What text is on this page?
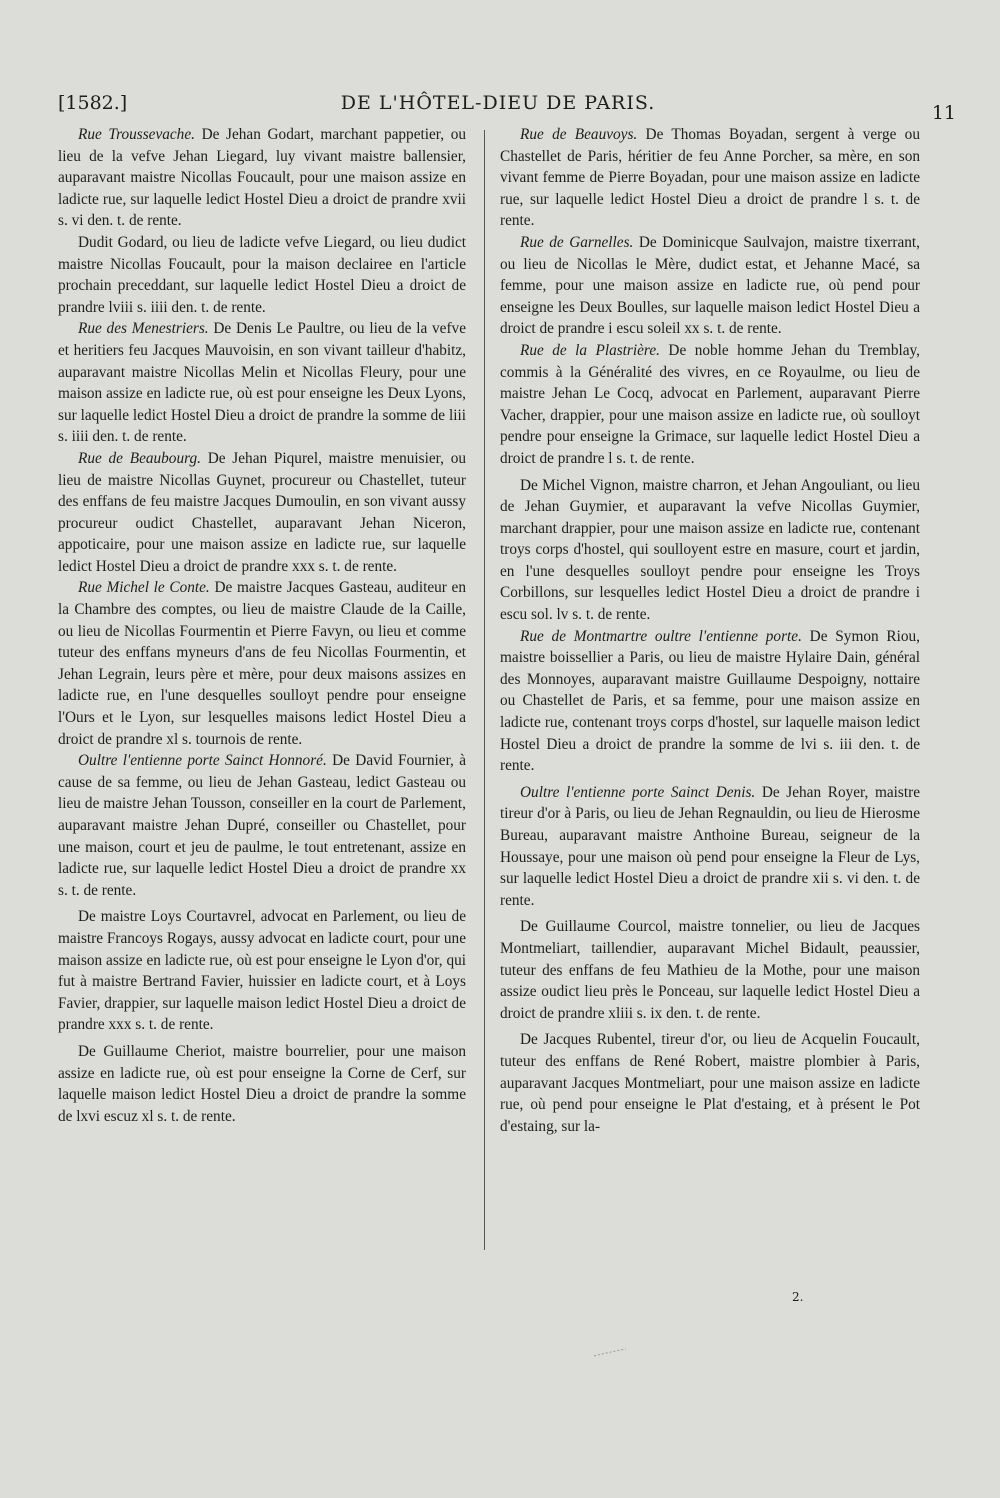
[1582.]	DE L'HÔTEL-DIEU DE PARIS.	11

Rue Troussevache. De Jehan Godart, marchant pappetier, ou lieu de la vefve Jehan Liegard, luy vivant maistre ballensier, auparavant maistre Nicollas Foucault, pour une maison assize en ladicte rue, sur laquelle ledict Hostel Dieu a droict de prandre xvii s. vi den. t. de rente.

Dudit Godard, ou lieu de ladicte vefve Liegard, ou lieu dudict maistre Nicollas Foucault, pour la maison declairee en l'article prochain preceddant, sur laquelle ledict Hostel Dieu a droict de prandre lviii s. iiii den. t. de rente.

Rue des Menestriers. De Denis Le Paultre, ou lieu de la vefve et heritiers feu Jacques Mauvoisin, en son vivant tailleur d'habitz, auparavant maistre Nicollas Melin et Nicollas Fleury, pour une maison assize en ladicte rue, où est pour enseigne les Deux Lyons, sur laquelle ledict Hostel Dieu a droict de prandre la somme de liii s. iiii den. t. de rente.

Rue de Beaubourg. De Jehan Piqurel, maistre menuisier, ou lieu de maistre Nicollas Guynet, procureur ou Chastellet, tuteur des enffans de feu maistre Jacques Dumoulin, en son vivant aussy procureur oudict Chastellet, auparavant Jehan Niceron, appoticaire, pour une maison assize en ladicte rue, sur laquelle ledict Hostel Dieu a droict de prandre xxx s. t. de rente.

Rue Michel le Conte. De maistre Jacques Gasteau, auditeur en la Chambre des comptes, ou lieu de maistre Claude de la Caille, ou lieu de Nicollas Fourmentin et Pierre Favyn, ou lieu et comme tuteur des enffans myneurs d'ans de feu Nicollas Fourmentin, et Jehan Legrain, leurs père et mère, pour deux maisons assizes en ladicte rue, en l'une desquelles soulloyt pendre pour enseigne l'Ours et le Lyon, sur lesquelles maisons ledict Hostel Dieu a droict de prandre xl s. tournois de rente.

Oultre l'entienne porte Sainct Honnoré. De David Fournier, à cause de sa femme, ou lieu de Jehan Gasteau, ledict Gasteau ou lieu de maistre Jehan Tousson, conseiller en la court de Parlement, auparavant maistre Jehan Dupré, conseiller ou Chastellet, pour une maison, court et jeu de paulme, le tout entretenant, assize en ladicte rue, sur laquelle ledict Hostel Dieu a droict de prandre xx s. t. de rente.

De maistre Loys Courtavrel, advocat en Parlement, ou lieu de maistre Francoys Rogays, aussy advocat en ladicte court, pour une maison assize en ladicte rue, où est pour enseigne le Lyon d'or, qui fut à maistre Bertrand Favier, huissier en ladicte court, et à Loys Favier, drappier, sur laquelle maison ledict Hostel Dieu a droict de prandre xxx s. t. de rente.

De Guillaume Cheriot, maistre bourrelier, pour une maison assize en ladicte rue, où est pour enseigne la Corne de Cerf, sur laquelle maison ledict Hostel Dieu a droict de prandre la somme de lxvi escuz xl s. t. de rente.

Rue de Beauvoys. De Thomas Boyadan, sergent à verge ou Chastellet de Paris, héritier de feu Anne Porcher, sa mère, en son vivant femme de Pierre Boyadan, pour une maison assize en ladicte rue, sur laquelle ledict Hostel Dieu a droict de prandre l s. t. de rente.

Rue de Garnelles. De Dominicque Saulvajon, maistre tixerrant, ou lieu de Nicollas le Mère, dudict estat, et Jehanne Macé, sa femme, pour une maison assize en ladicte rue, où pend pour enseigne les Deux Boulles, sur laquelle maison ledict Hostel Dieu a droict de prandre i escu soleil xx s. t. de rente.

Rue de la Plastrière. De noble homme Jehan du Tremblay, commis à la Généralité des vivres, en ce Royaulme, ou lieu de maistre Jehan Le Cocq, advocat en Parlement, auparavant Pierre Vacher, drappier, pour une maison assize en ladicte rue, où soulloyt pendre pour enseigne la Grimace, sur laquelle ledict Hostel Dieu a droict de prandre l s. t. de rente.

De Michel Vignon, maistre charron, et Jehan Angouliant, ou lieu de Jehan Guymier, et auparavant la vefve Nicollas Guymier, marchant drappier, pour une maison assize en ladicte rue, contenant troys corps d'hostel, qui soulloyent estre en masure, court et jardin, en l'une desquelles soulloyt pendre pour enseigne les Troys Corbillons, sur lesquelles ledict Hostel Dieu a droict de prandre i escu sol. lv s. t. de rente.

Rue de Montmartre oultre l'entienne porte. De Symon Riou, maistre boissellier a Paris, ou lieu de maistre Hylaire Dain, général des Monnoyes, auparavant maistre Guillaume Despoigny, nottaire ou Chastellet de Paris, et sa femme, pour une maison assize en ladicte rue, contenant troys corps d'hostel, sur laquelle maison ledict Hostel Dieu a droict de prandre la somme de lvi s. iii den. t. de rente.

Oultre l'entienne porte Sainct Denis. De Jehan Royer, maistre tireur d'or à Paris, ou lieu de Jehan Regnauldin, ou lieu de Hierosme Bureau, auparavant maistre Anthoine Bureau, seigneur de la Houssaye, pour une maison où pend pour enseigne la Fleur de Lys, sur laquelle ledict Hostel Dieu a droict de prandre xii s. vi den. t. de rente.

De Guillaume Courcol, maistre tonnelier, ou lieu de Jacques Montmeliart, taillendier, auparavant Michel Bidault, peaussier, tuteur des enffans de feu Mathieu de la Mothe, pour une maison assize oudict lieu près le Ponceau, sur laquelle ledict Hostel Dieu a droict de prandre xliii s. ix den. t. de rente.

De Jacques Rubentel, tireur d'or, ou lieu de Acquelin Foucault, tuteur des enffans de René Robert, maistre plombier à Paris, auparavant Jacques Montmeliart, pour une maison assize en ladicte rue, où pend pour enseigne le Plat d'estaing, et à présent le Pot d'estaing, sur la-

2.
